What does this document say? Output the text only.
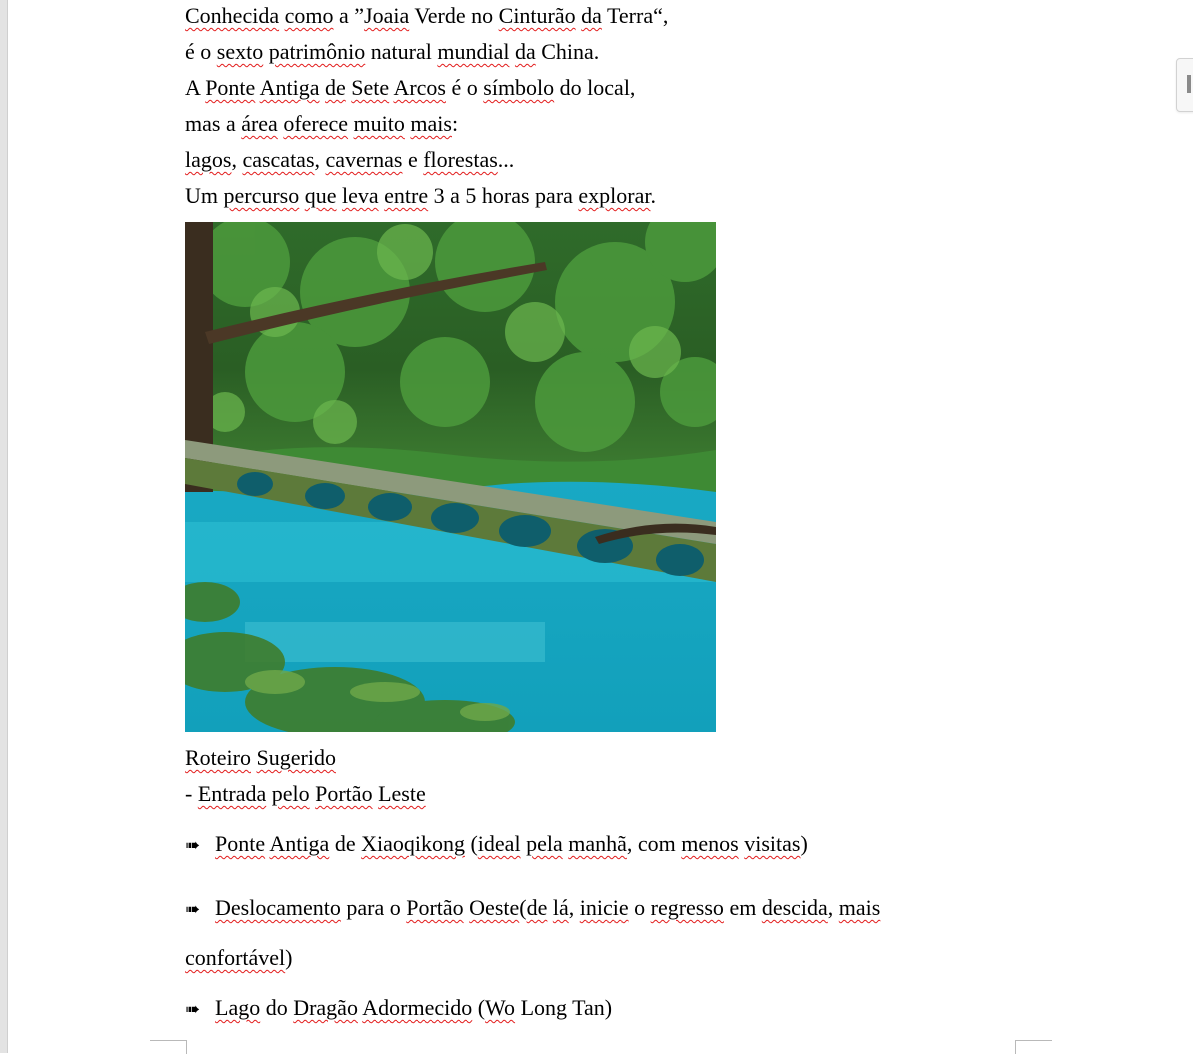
Conhecida como a ”Joaia Verde no Cinturão da Terra“,
é o sexto patrimônio natural mundial da China.
A Ponte Antiga de Sete Arcos é o símbolo do local,
mas a área oferece muito mais:
lagos, cascatas, cavernas e florestas...
Um percurso que leva entre 3 a 5 horas para explorar.
Roteiro Sugerido
- Entrada pelo Portão Leste
➠ Ponte Antiga de Xiaoqikong (ideal pela manhã, com menos visitas)
➠ Deslocamento para o Portão Oeste(de lá, inicie o regresso em descida, mais
confortável)
➠ Lago do Dragão Adormecido (Wo Long Tan)
